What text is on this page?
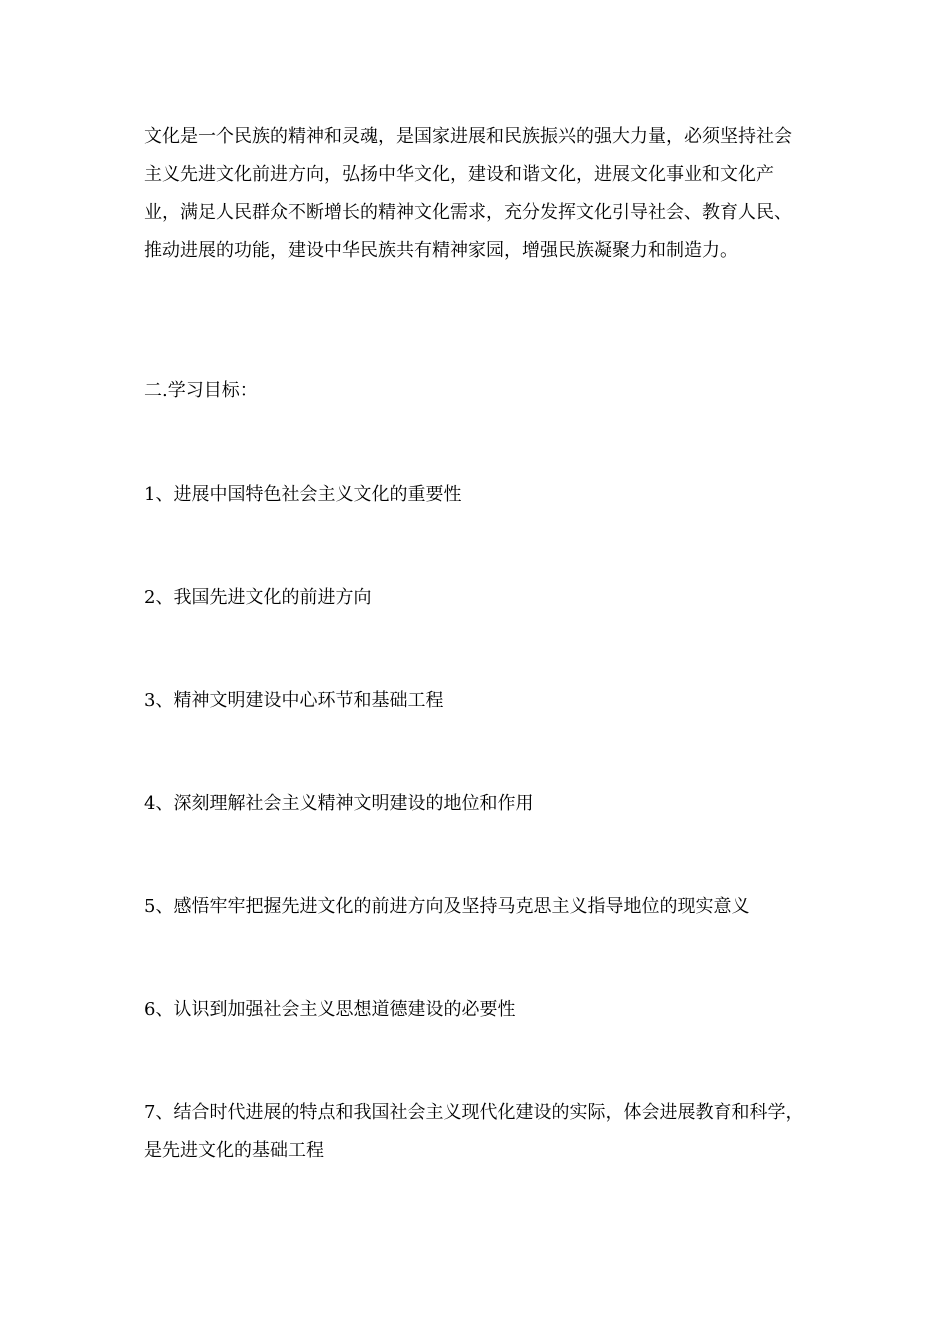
文化是一个民族的精神和灵魂，是国家进展和民族振兴的强大力量，必须坚持社会主义先进文化前进方向，弘扬中华文化，建设和谐文化，进展文化事业和文化产业，满足人民群众不断增长的精神文化需求，充分发挥文化引导社会、教育人民、推动进展的功能，建设中华民族共有精神家园，增强民族凝聚力和制造力。
二.学习目标：
1、进展中国特色社会主义文化的重要性
2、我国先进文化的前进方向
3、精神文明建设中心环节和基础工程
4、深刻理解社会主义精神文明建设的地位和作用
5、感悟牢牢把握先进文化的前进方向及坚持马克思主义指导地位的现实意义
6、认识到加强社会主义思想道德建设的必要性
7、结合时代进展的特点和我国社会主义现代化建设的实际，体会进展教育和科学，是先进文化的基础工程
